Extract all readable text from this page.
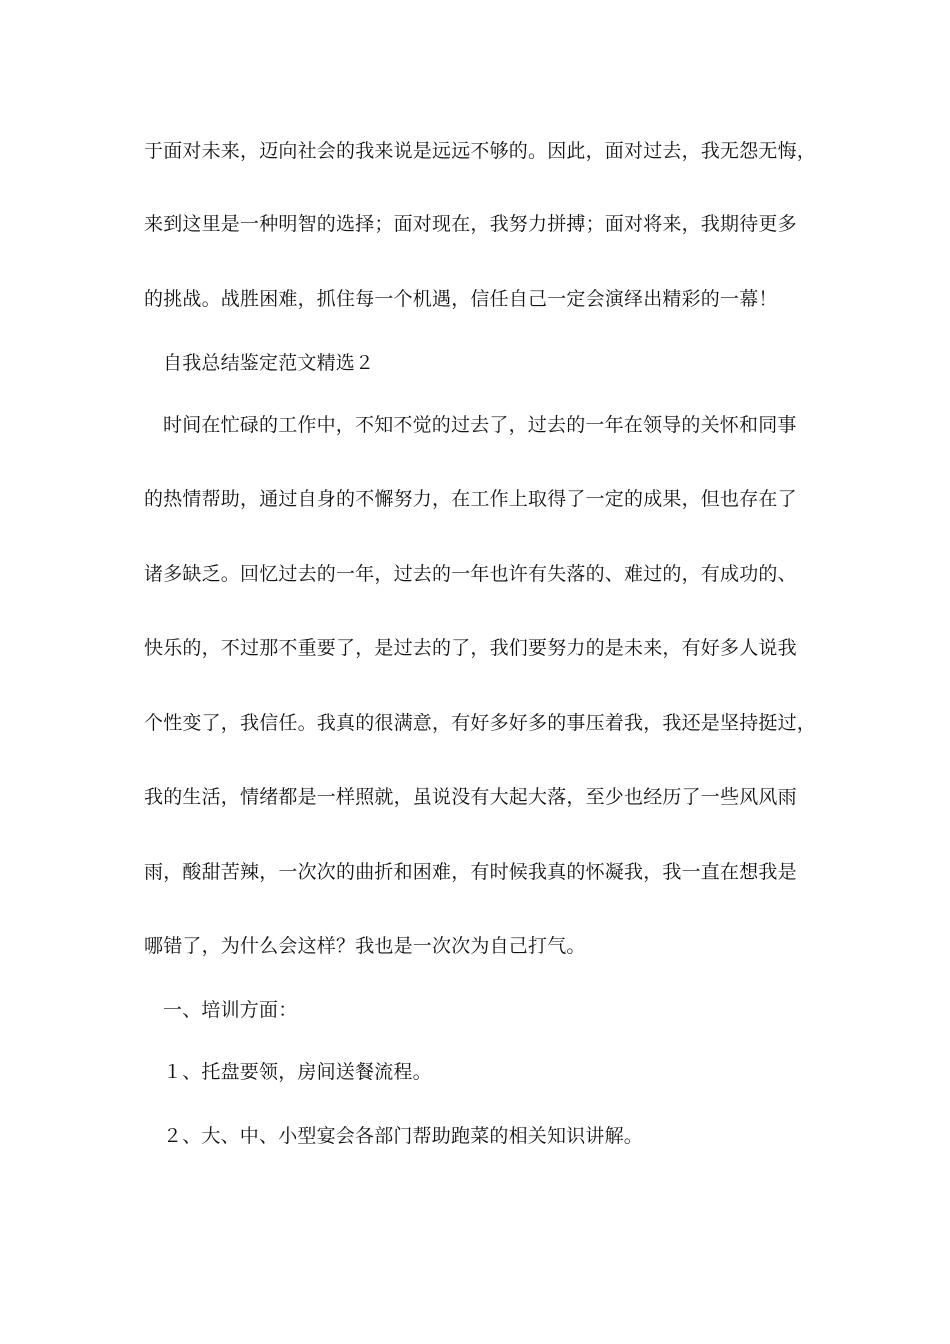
于面对未来，迈向社会的我来说是远远不够的。因此，面对过去，我无怨无悔，
来到这里是一种明智的选择；面对现在，我努力拼搏；面对将来，我期待更多
的挑战。战胜困难，抓住每一个机遇，信任自己一定会演绎出精彩的一幕！
自我总结鉴定范文精选２
时间在忙碌的工作中，不知不觉的过去了，过去的一年在领导的关怀和同事
的热情帮助，通过自身的不懈努力，在工作上取得了一定的成果，但也存在了
诸多缺乏。回忆过去的一年，过去的一年也许有失落的、难过的，有成功的、
快乐的，不过那不重要了，是过去的了，我们要努力的是未来，有好多人说我
个性变了，我信任。我真的很满意，有好多好多的事压着我，我还是坚持挺过，
我的生活，情绪都是一样照就，虽说没有大起大落，至少也经历了一些风风雨
雨，酸甜苦辣，一次次的曲折和困难，有时候我真的怀凝我，我一直在想我是
哪错了，为什么会这样？我也是一次次为自己打气。
一、培训方面：
１、托盘要领，房间送餐流程。
２、大、中、小型宴会各部门帮助跑菜的相关知识讲解。
